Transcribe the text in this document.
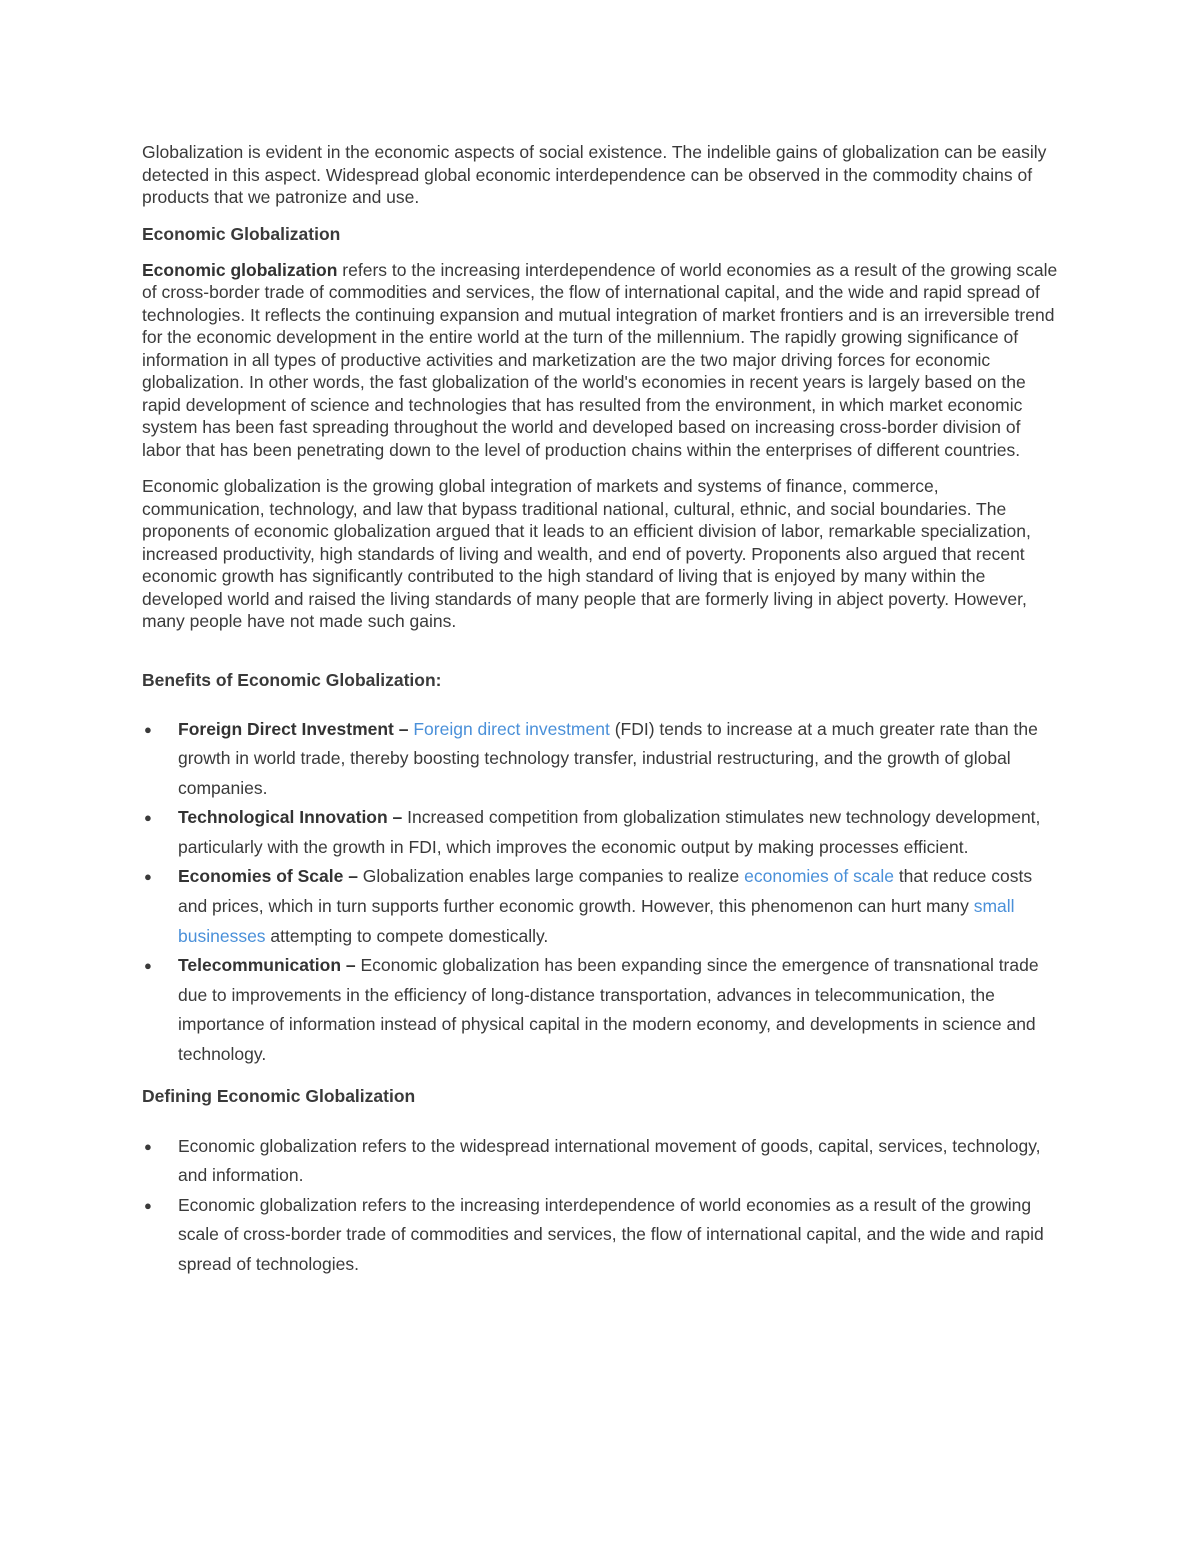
Globalization is evident in the economic aspects of social existence. The indelible gains of globalization can be easily detected in this aspect. Widespread global economic interdependence can be observed in the commodity chains of products that we patronize and use.

Economic Globalization

Economic globalization refers to the increasing interdependence of world economies as a result of the growing scale of cross-border trade of commodities and services, the flow of international capital, and the wide and rapid spread of technologies. It reflects the continuing expansion and mutual integration of market frontiers and is an irreversible trend for the economic development in the entire world at the turn of the millennium. The rapidly growing significance of information in all types of productive activities and marketization are the two major driving forces for economic globalization. In other words, the fast globalization of the world's economies in recent years is largely based on the rapid development of science and technologies that has resulted from the environment, in which market economic system has been fast spreading throughout the world and developed based on increasing cross-border division of labor that has been penetrating down to the level of production chains within the enterprises of different countries.

Economic globalization is the growing global integration of markets and systems of finance, commerce, communication, technology, and law that bypass traditional national, cultural, ethnic, and social boundaries. The proponents of economic globalization argued that it leads to an efficient division of labor, remarkable specialization, increased productivity, high standards of living and wealth, and end of poverty. Proponents also argued that recent economic growth has significantly contributed to the high standard of living that is enjoyed by many within the developed world and raised the living standards of many people that are formerly living in abject poverty. However, many people have not made such gains.

Benefits of Economic Globalization:
● Foreign Direct Investment – Foreign direct investment (FDI) tends to increase at a much greater rate than the growth in world trade, thereby boosting technology transfer, industrial restructuring, and the growth of global companies.
● Technological Innovation – Increased competition from globalization stimulates new technology development, particularly with the growth in FDI, which improves the economic output by making processes efficient.
● Economies of Scale – Globalization enables large companies to realize economies of scale that reduce costs and prices, which in turn supports further economic growth. However, this phenomenon can hurt many small businesses attempting to compete domestically.
● Telecommunication – Economic globalization has been expanding since the emergence of transnational trade due to improvements in the efficiency of long-distance transportation, advances in telecommunication, the importance of information instead of physical capital in the modern economy, and developments in science and technology.
Defining Economic Globalization
● Economic globalization refers to the widespread international movement of goods, capital, services, technology, and information.
● Economic globalization refers to the increasing interdependence of world economies as a result of the growing scale of cross-border trade of commodities and services, the flow of international capital, and the wide and rapid spread of technologies.
